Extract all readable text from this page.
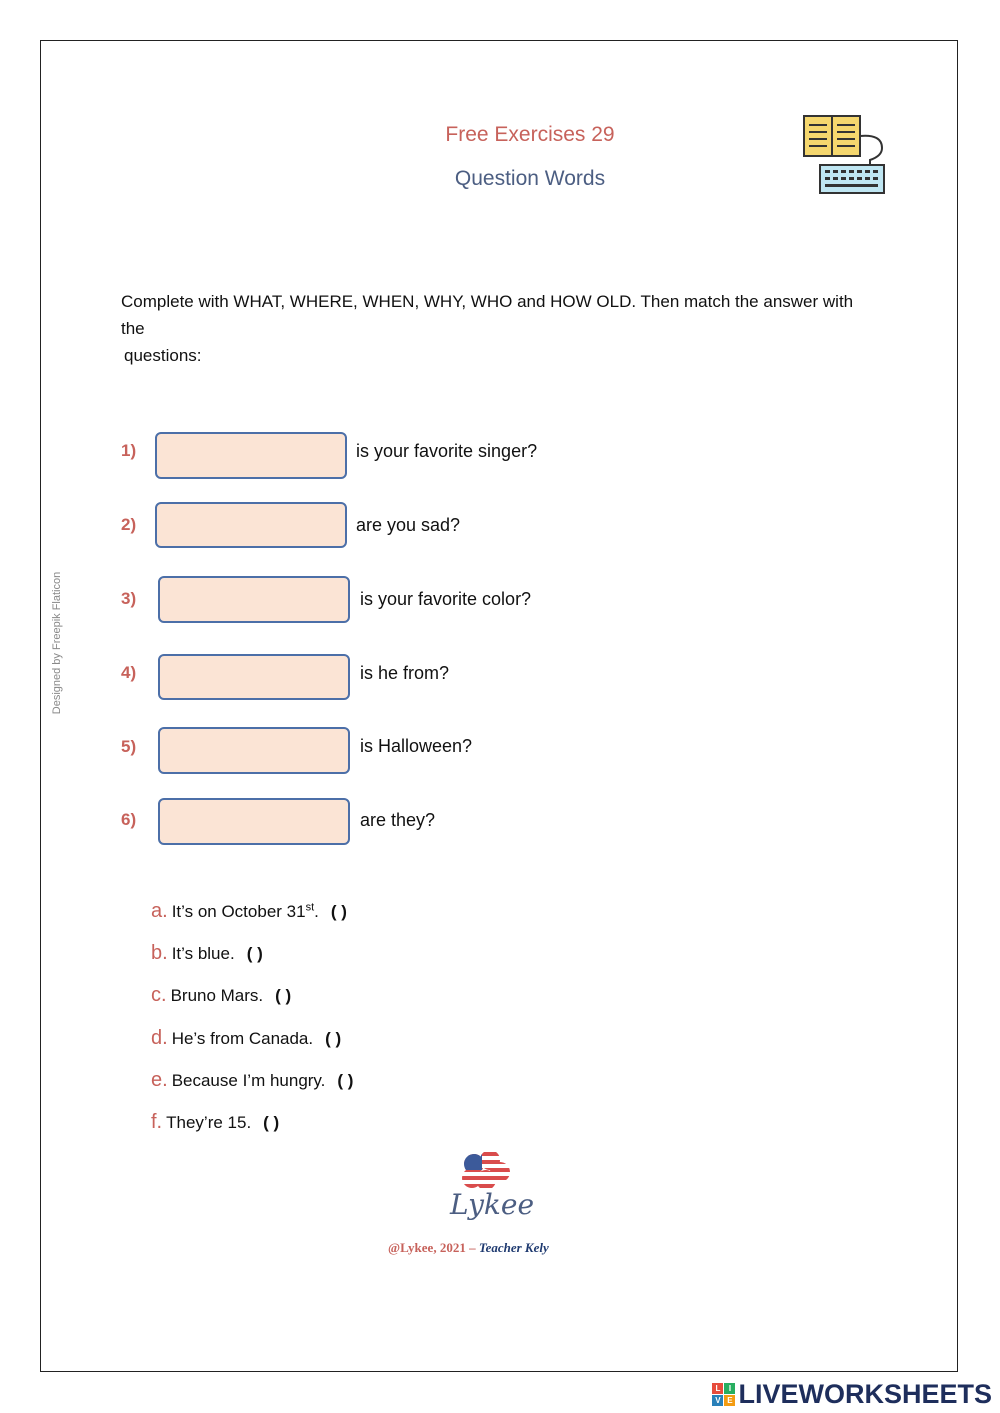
Free Exercises 29
Question Words
Complete with WHAT, WHERE, WHEN, WHY, WHO and HOW OLD. Then match the answer with the
questions:
Designed by Freepik Flaticon
1)	is your favorite singer?
2)	are you sad?
3)	is your favorite color?
4)	is he from?
5)	is Halloween?
6)	are they?
a. It’s on October 31st. ( )
b. It’s blue. ( )
c. Bruno Mars. ( )
d. He’s from Canada. ( )
e. Because I’m hungry. ( )
f. They’re 15. ( )
Lykee
@Lykee, 2021 – Teacher Kely
L	I
V E LIVEWORKSHEETS
